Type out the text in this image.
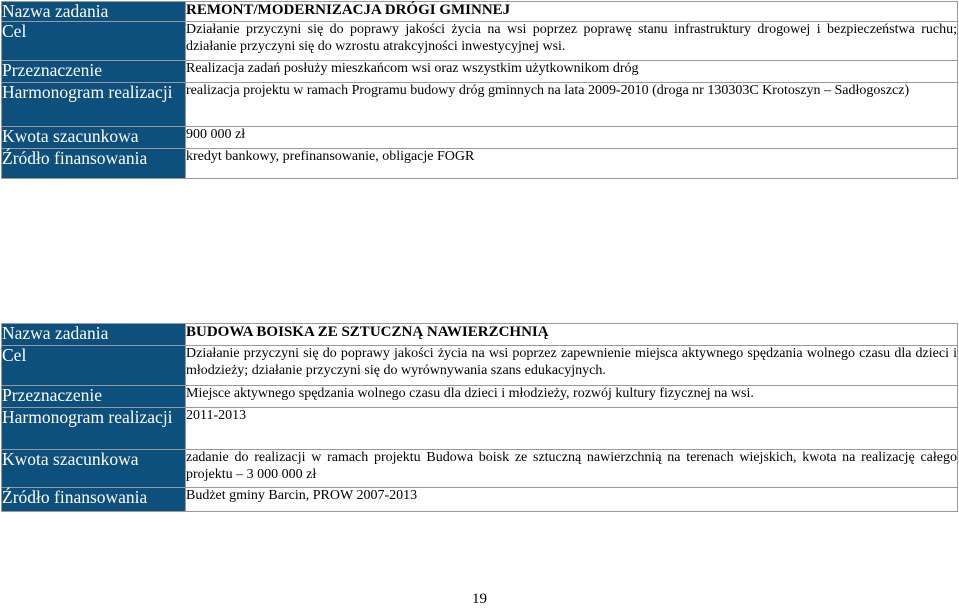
Nazwa zadania	REMONT/MODERNIZACJA DRÓGI GMINNEJ
Cel	Działanie przyczyni się do poprawy jakości życia na wsi poprzez poprawę stanu infrastruktury drogowej i bezpieczeństwa ruchu; działanie przyczyni się do wzrostu atrakcyjności inwestycyjnej wsi.
Przeznaczenie	Realizacja zadań posłuży mieszkańcom wsi oraz wszystkim użytkownikom dróg
Harmonogram realizacji	realizacja projektu w ramach Programu budowy dróg gminnych na lata 2009-2010 (droga nr 130303C Krotoszyn – Sadłogoszcz)
Kwota szacunkowa	900 000 zł
Źródło finansowania	kredyt bankowy, prefinansowanie, obligacje FOGR
Nazwa zadania	BUDOWA BOISKA ZE SZTUCZNĄ NAWIERZCHNIĄ
Cel	Działanie przyczyni się do poprawy jakości życia na wsi poprzez zapewnienie miejsca aktywnego spędzania wolnego czasu dla dzieci i młodzieży; działanie przyczyni się do wyrównywania szans edukacyjnych.
Przeznaczenie	Miejsce aktywnego spędzania wolnego czasu dla dzieci i młodzieży, rozwój kultury fizycznej na wsi.
Harmonogram realizacji	2011-2013
Kwota szacunkowa	zadanie do realizacji w ramach projektu Budowa boisk ze sztuczną nawierzchnią na terenach wiejskich, kwota na realizację całego projektu – 3 000 000 zł
Źródło finansowania	Budżet gminy Barcin, PROW 2007-2013
19
